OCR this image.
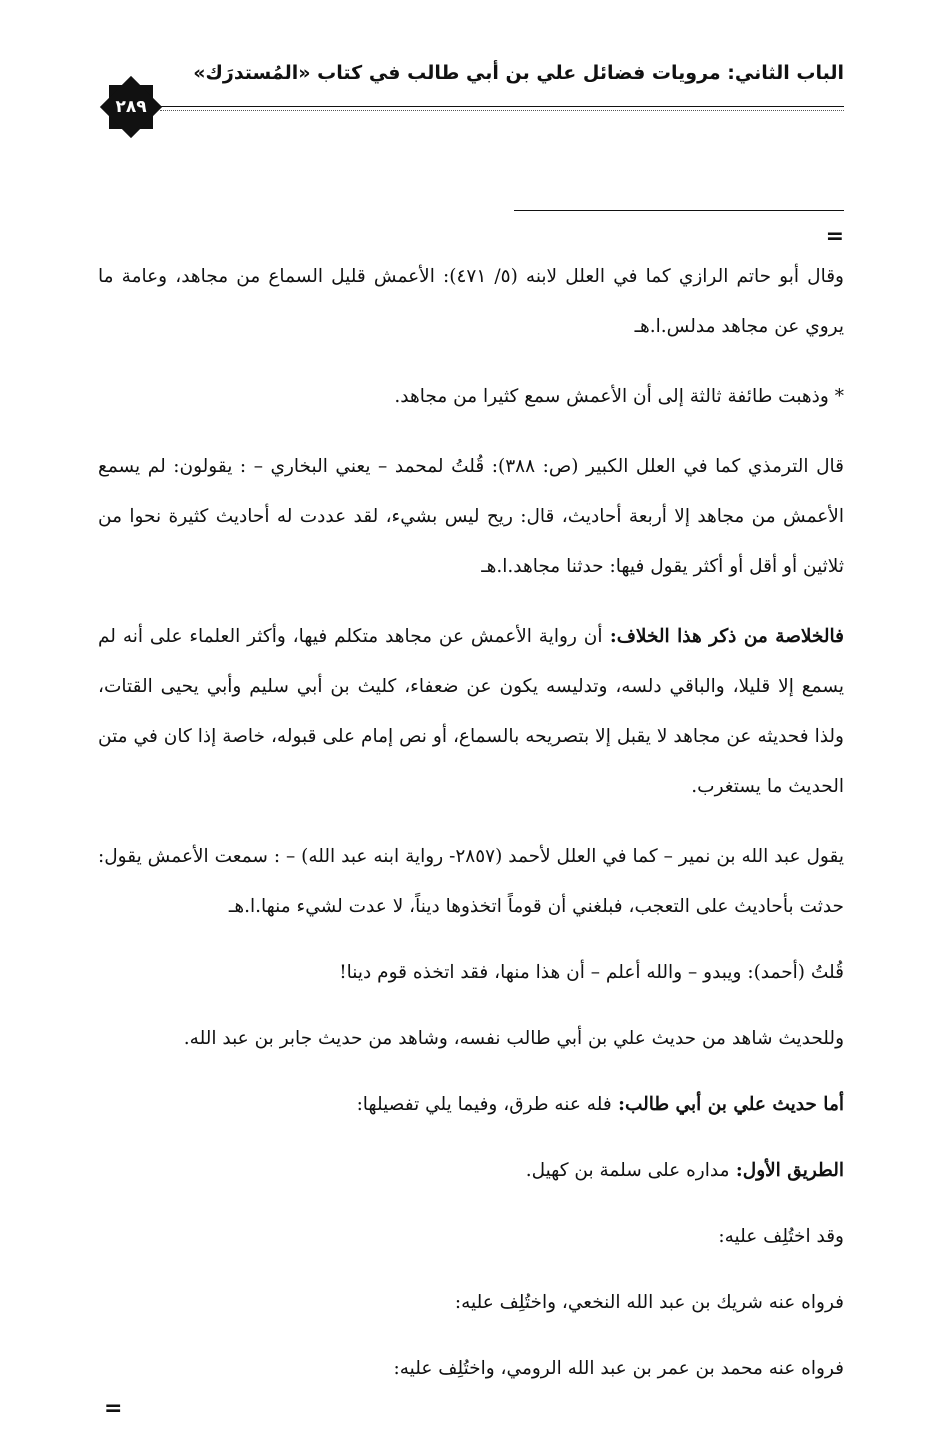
الباب الثاني: مرويات فضائل علي بن أبي طالب في كتاب «المُستدرَك»
٢٨٩
=

وقال أبو حاتم الرازي كما في العلل لابنه (٥/ ٤٧١): الأعمش قليل السماع من مجاهد، وعامة ما يروي عن مجاهد مدلس.ا.هـ

* وذهبت طائفة ثالثة إلى أن الأعمش سمع كثيرا من مجاهد.

قال الترمذي كما في العلل الكبير (ص: ٣٨٨): قُلتُ لمحمد – يعني البخاري – : يقولون: لم يسمع الأعمش من مجاهد إلا أربعة أحاديث، قال: ريح ليس بشيء، لقد عددت له أحاديث كثيرة نحوا من ثلاثين أو أقل أو أكثر يقول فيها: حدثنا مجاهد.ا.هـ

فالخلاصة من ذكر هذا الخلاف: أن رواية الأعمش عن مجاهد متكلم فيها، وأكثر العلماء على أنه لم يسمع إلا قليلا، والباقي دلسه، وتدليسه يكون عن ضعفاء، كليث بن أبي سليم وأبي يحيى القتات، ولذا فحديثه عن مجاهد لا يقبل إلا بتصريحه بالسماع، أو نص إمام على قبوله، خاصة إذا كان في متن الحديث ما يستغرب.

يقول عبد الله بن نمير – كما في العلل لأحمد (٢٨٥٧- رواية ابنه عبد الله) – : سمعت الأعمش يقول: حدثت بأحاديث على التعجب، فبلغني أن قوماً اتخذوها ديناً، لا عدت لشيء منها.ا.هـ

قُلتُ (أحمد): ويبدو – والله أعلم – أن هذا منها، فقد اتخذه قوم دينا!

وللحديث شاهد من حديث علي بن أبي طالب نفسه، وشاهد من حديث جابر بن عبد الله.

أما حديث علي بن أبي طالب: فله عنه طرق، وفيما يلي تفصيلها:

الطريق الأول: مداره على سلمة بن كهيل.

وقد اختُلِف عليه:

فرواه عنه شريك بن عبد الله النخعي، واختُلِف عليه:

فرواه عنه محمد بن عمر بن عبد الله الرومي، واختُلِف عليه:

=
